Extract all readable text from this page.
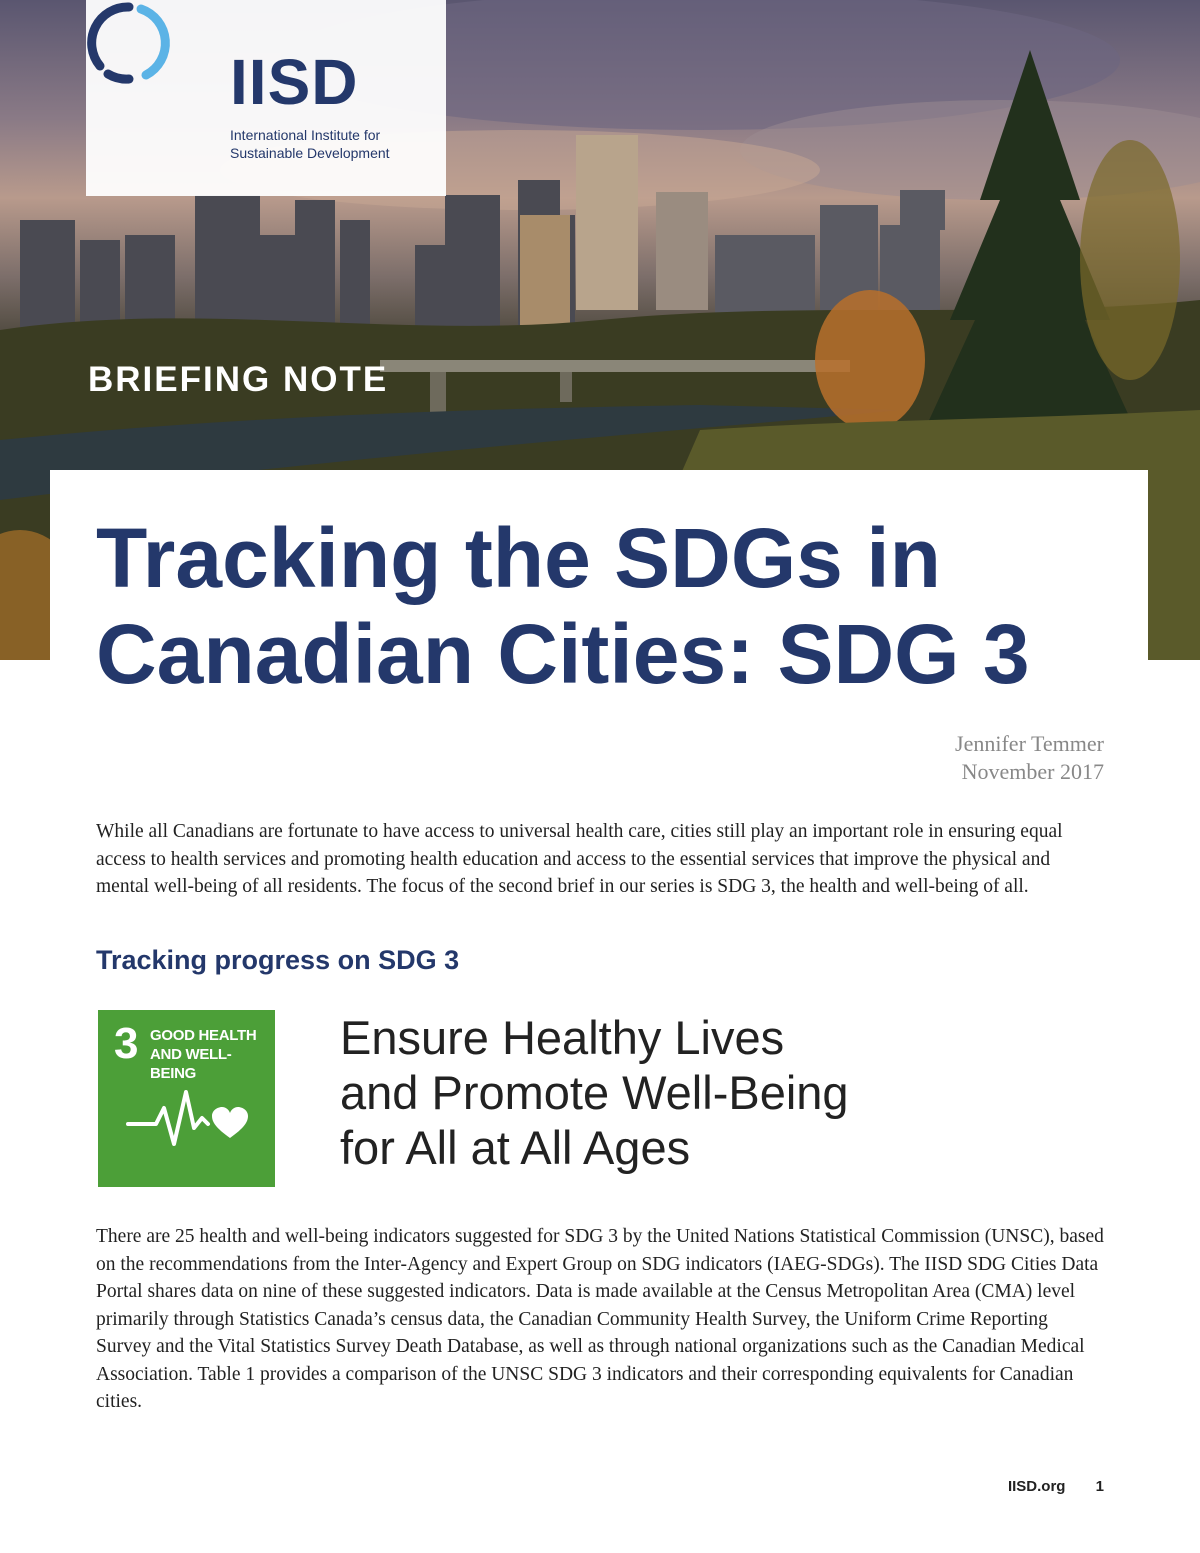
IISD
International Institute for
Sustainable Development
BRIEFING NOTE
Tracking the SDGs in
Canadian Cities: SDG 3
Jennifer Temmer
November 2017

While all Canadians are fortunate to have access to universal health care, cities still play an important role in ensuring equal access to health services and promoting health education and access to the essential services that improve the physical and mental well-being of all residents. The focus of the second brief in our series is SDG 3, the health and well-being of all.

Tracking progress on SDG 3
3 GOOD HEALTH
AND WELL-BEING

Ensure Healthy Lives
and Promote Well-Being
for All at All Ages

There are 25 health and well-being indicators suggested for SDG 3 by the United Nations Statistical Commission (UNSC), based on the recommendations from the Inter-Agency and Expert Group on SDG indicators (IAEG-SDGs). The IISD SDG Cities Data Portal shares data on nine of these suggested indicators. Data is made available at the Census Metropolitan Area (CMA) level primarily through Statistics Canada’s census data, the Canadian Community Health Survey, the Uniform Crime Reporting Survey and the Vital Statistics Survey Death Database, as well as through national organizations such as the Canadian Medical Association. Table 1 provides a comparison of the UNSC SDG 3 indicators and their corresponding equivalents for Canadian cities.

IISD.org 1
